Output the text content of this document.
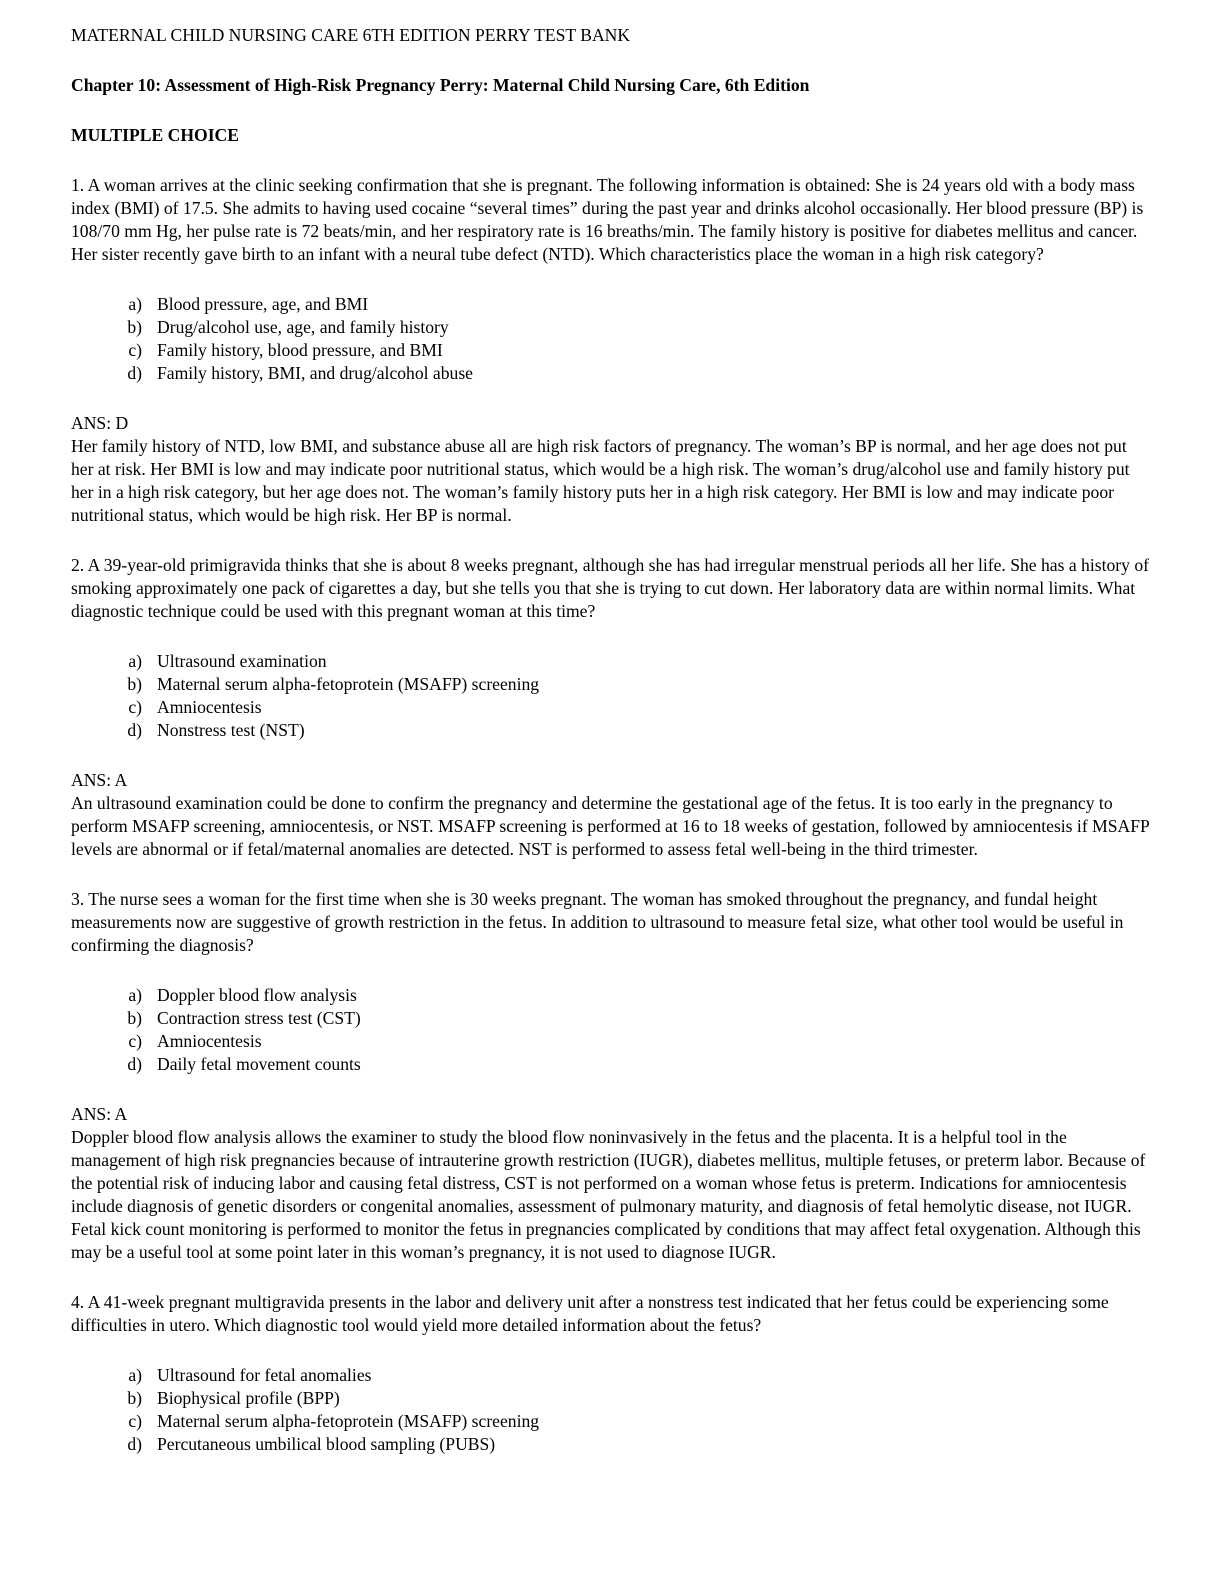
MATERNAL CHILD NURSING CARE 6TH EDITION PERRY TEST BANK

Chapter 10: Assessment of High-Risk Pregnancy Perry: Maternal Child Nursing Care, 6th Edition

MULTIPLE CHOICE

1. A woman arrives at the clinic seeking confirmation that she is pregnant. The following information is obtained: She is 24 years old with a body mass index (BMI) of 17.5. She admits to having used cocaine “several times” during the past year and drinks alcohol occasionally. Her blood pressure (BP) is 108/70 mm Hg, her pulse rate is 72 beats/min, and her respiratory rate is 16 breaths/min. The family history is positive for diabetes mellitus and cancer. Her sister recently gave birth to an infant with a neural tube defect (NTD). Which characteristics place the woman in a high risk category?

a) Blood pressure, age, and BMI
b) Drug/alcohol use, age, and family history
c) Family history, blood pressure, and BMI
d) Family history, BMI, and drug/alcohol abuse

ANS: D

Her family history of NTD, low BMI, and substance abuse all are high risk factors of pregnancy. The woman’s BP is normal, and her age does not put her at risk. Her BMI is low and may indicate poor nutritional status, which would be a high risk. The woman’s drug/alcohol use and family history put her in a high risk category, but her age does not. The woman’s family history puts her in a high risk category. Her BMI is low and may indicate poor nutritional status, which would be high risk. Her BP is normal.

2. A 39-year-old primigravida thinks that she is about 8 weeks pregnant, although she has had irregular menstrual periods all her life. She has a history of smoking approximately one pack of cigarettes a day, but she tells you that she is trying to cut down. Her laboratory data are within normal limits. What diagnostic technique could be used with this pregnant woman at this time?

a) Ultrasound examination
b) Maternal serum alpha-fetoprotein (MSAFP) screening
c) Amniocentesis
d) Nonstress test (NST)

ANS: A

An ultrasound examination could be done to confirm the pregnancy and determine the gestational age of the fetus. It is too early in the pregnancy to perform MSAFP screening, amniocentesis, or NST. MSAFP screening is performed at 16 to 18 weeks of gestation, followed by amniocentesis if MSAFP levels are abnormal or if fetal/maternal anomalies are detected. NST is performed to assess fetal well-being in the third trimester.

3. The nurse sees a woman for the first time when she is 30 weeks pregnant. The woman has smoked throughout the pregnancy, and fundal height measurements now are suggestive of growth restriction in the fetus. In addition to ultrasound to measure fetal size, what other tool would be useful in confirming the diagnosis?

a) Doppler blood flow analysis
b) Contraction stress test (CST)
c) Amniocentesis
d) Daily fetal movement counts

ANS: A

Doppler blood flow analysis allows the examiner to study the blood flow noninvasively in the fetus and the placenta. It is a helpful tool in the management of high risk pregnancies because of intrauterine growth restriction (IUGR), diabetes mellitus, multiple fetuses, or preterm labor. Because of the potential risk of inducing labor and causing fetal distress, CST is not performed on a woman whose fetus is preterm. Indications for amniocentesis include diagnosis of genetic disorders or congenital anomalies, assessment of pulmonary maturity, and diagnosis of fetal hemolytic disease, not IUGR. Fetal kick count monitoring is performed to monitor the fetus in pregnancies complicated by conditions that may affect fetal oxygenation. Although this may be a useful tool at some point later in this woman’s pregnancy, it is not used to diagnose IUGR.

4. A 41-week pregnant multigravida presents in the labor and delivery unit after a nonstress test indicated that her fetus could be experiencing some difficulties in utero. Which diagnostic tool would yield more detailed information about the fetus?

a) Ultrasound for fetal anomalies
b) Biophysical profile (BPP)
c) Maternal serum alpha-fetoprotein (MSAFP) screening
d) Percutaneous umbilical blood sampling (PUBS)
